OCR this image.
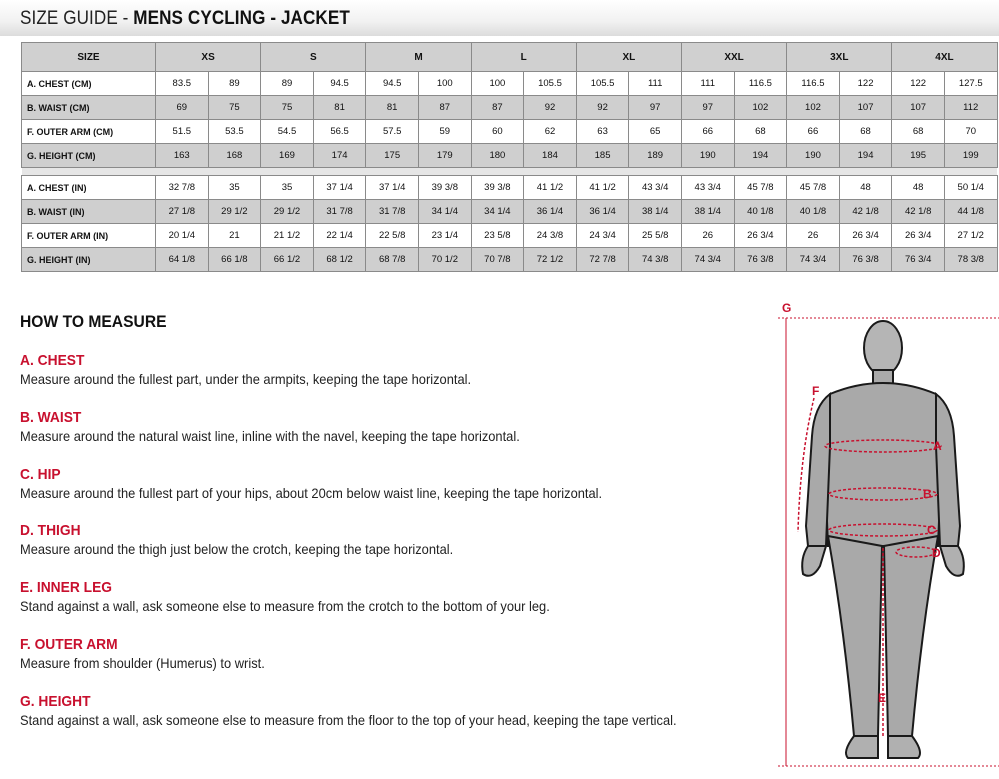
SIZE GUIDE - MENS CYCLING - JACKET
SIZE	XS		S		M		L		XL		XXL		3XL		4XL	
A. CHEST (CM)	83.5	89	89	94.5	94.5	100	100	105.5	105.5	111	111	116.5	116.5	122	122	127.5
B. WAIST (CM)	69	75	75	81	81	87	87	92	92	97	97	102	102	107	107	112
F. OUTER ARM (CM)	51.5	53.5	54.5	56.5	57.5	59	60	62	63	65	66	68	66	68	68	70
G. HEIGHT (CM)	163	168	169	174	175	179	180	184	185	189	190	194	190	194	195	199

A. CHEST (IN)	32 7/8	35	35	37 1/4	37 1/4	39 3/8	39 3/8	41 1/2	41 1/2	43 3/4	43 3/4	45 7/8	45 7/8	48	48	50 1/4
B. WAIST (IN)	27 1/8	29 1/2	29 1/2	31 7/8	31 7/8	34 1/4	34 1/4	36 1/4	36 1/4	38 1/4	38 1/4	40 1/8	40 1/8	42 1/8	42 1/8	44 1/8
F. OUTER ARM (IN)	20 1/4	21	21 1/2	22 1/4	22 5/8	23 1/4	23 5/8	24 3/8	24 3/4	25 5/8	26	26 3/4	26	26 3/4	26 3/4	27 1/2
G. HEIGHT (IN)	64 1/8	66 1/8	66 1/2	68 1/2	68 7/8	70 1/2	70 7/8	72 1/2	72 7/8	74 3/8	74 3/4	76 3/8	74 3/4	76 3/8	76 3/4	78 3/8
HOW TO MEASURE
A. CHEST
Measure around the fullest part, under the armpits, keeping the tape horizontal.
B. WAIST
Measure around the natural waist line, inline with the navel, keeping the tape horizontal.
C. HIP
Measure around the fullest part of your hips, about 20cm below waist line, keeping the tape horizontal.
D. THIGH
Measure around the thigh just below the crotch, keeping the tape horizontal.
E. INNER LEG
Stand against a wall, ask someone else to measure from the crotch to the bottom of your leg.
F. OUTER ARM
Measure from shoulder (Humerus) to wrist.
G. HEIGHT
Stand against a wall, ask someone else to measure from the floor to the top of your head, keeping the tape vertical.
G
A
B
C
D
E
F
